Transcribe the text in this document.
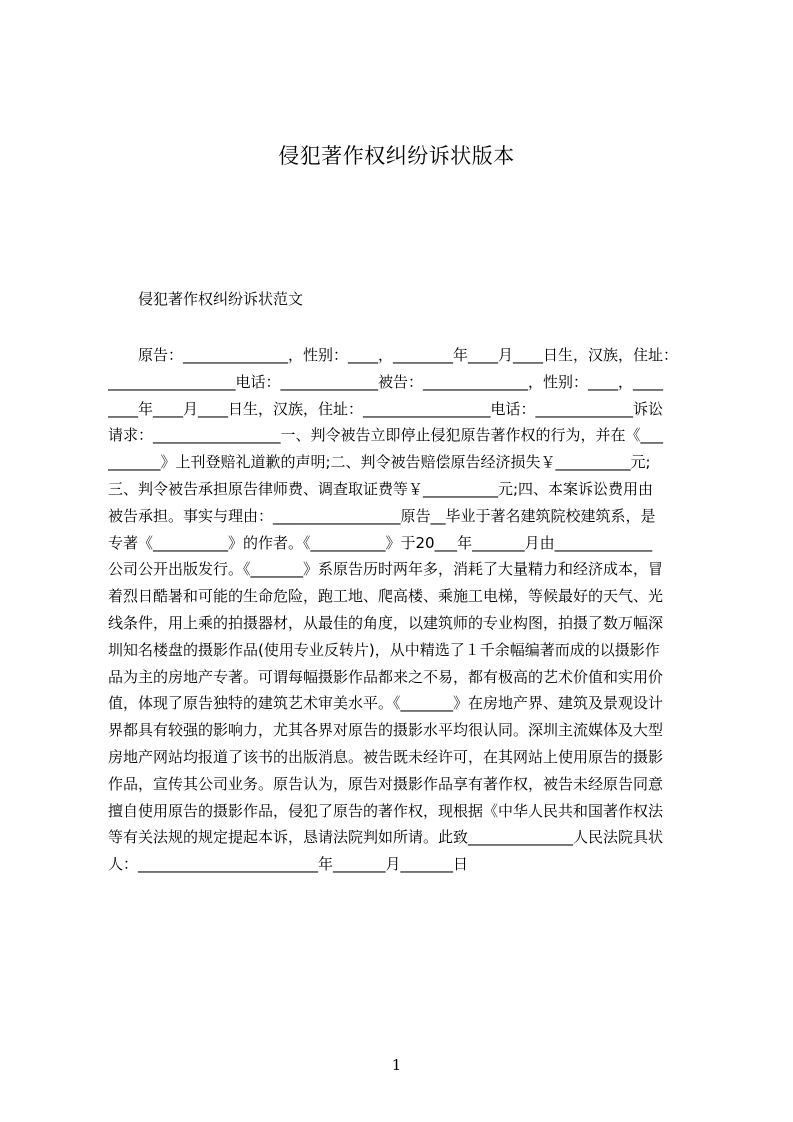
侵犯著作权纠纷诉状版本
侵犯著作权纠纷诉状范文
　　原告：______________，性别：____，________年____月____日生，汉族，住址：
_________________电话：_____________被告：______________，性别：____，____
____年____月____日生，汉族，住址：_________________电话：_____________诉讼
请求：_________________一、判令被告立即停止侵犯原告著作权的行为，并在《___
_______》上刊登赔礼道歉的声明;二、判令被告赔偿原告经济损失￥__________元;
三、判令被告承担原告律师费、调查取证费等￥__________元;四、本案诉讼费用由
被告承担。事实与理由：_________________原告__毕业于著名建筑院校建筑系，是
专著《__________》的作者。《__________》于20___年_______月由_____________
公司公开出版发行。《_______》系原告历时两年多，消耗了大量精力和经济成本，冒
着烈日酷暑和可能的生命危险，跑工地、爬高楼、乘施工电梯，等候最好的天气、光
线条件，用上乘的拍摄器材，从最佳的角度，以建筑师的专业构图，拍摄了数万幅深
圳知名楼盘的摄影作品(使用专业反转片)，从中精选了１千余幅编著而成的以摄影作
品为主的房地产专著。可谓每幅摄影作品都来之不易，都有极高的艺术价值和实用价
值，体现了原告独特的建筑艺术审美水平。《_______》在房地产界、建筑及景观设计
界都具有较强的影响力，尤其各界对原告的摄影水平均很认同。深圳主流媒体及大型
房地产网站均报道了该书的出版消息。被告既未经许可，在其网站上使用原告的摄影
作品，宣传其公司业务。原告认为，原告对摄影作品享有著作权，被告未经原告同意
擅自使用原告的摄影作品，侵犯了原告的著作权，现根据《中华人民共和国著作权法
等有关法规的规定提起本诉，恳请法院判如所请。此致______________人民法院具状
人：________________________年_______月_______日
1
